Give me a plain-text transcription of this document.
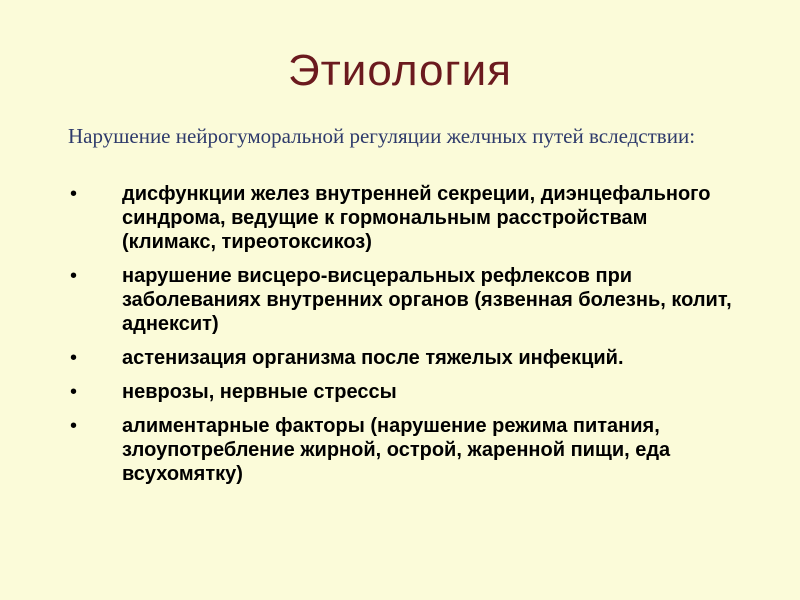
Этиология
Нарушение нейрогуморальной регуляции желчных путей вследствии:
• дисфункции желез внутренней секреции, диэнцефального синдрома, ведущие к гормональным расстройствам (климакс, тиреотоксикоз)
• нарушение висцеро-висцеральных рефлексов при заболеваниях внутренних органов (язвенная болезнь, колит, аднексит)
• астенизация организма после тяжелых инфекций.
• неврозы, нервные стрессы
• алиментарные факторы (нарушение режима питания, злоупотребление жирной, острой, жаренной пищи, еда всухомятку)
